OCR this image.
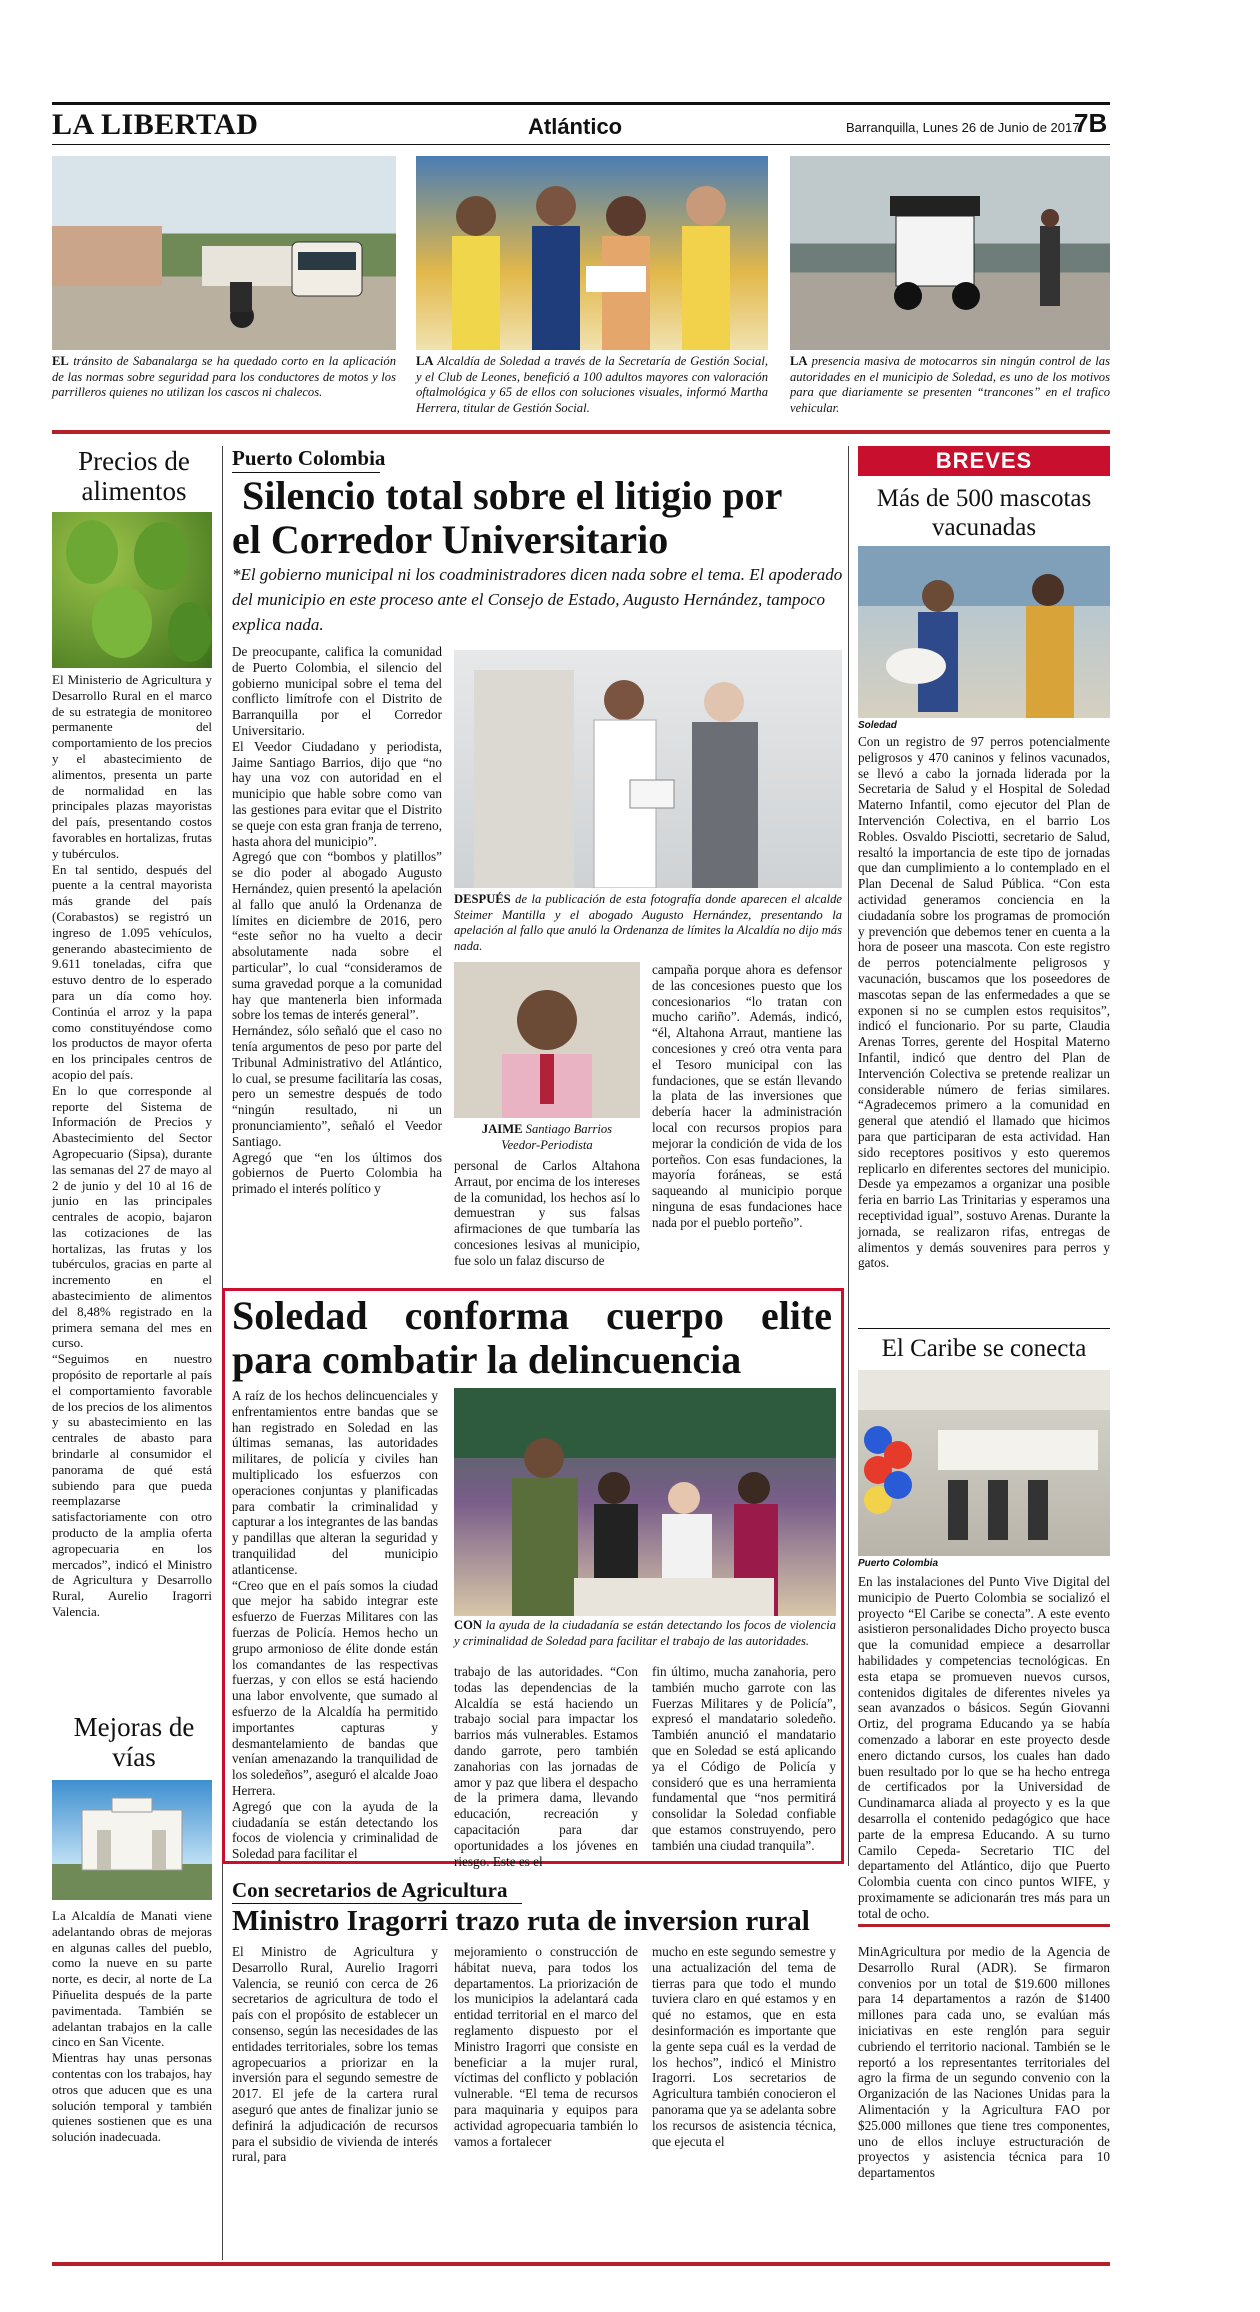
LA LIBERTAD	Atlántico	Barranquilla, Lunes 26 de Junio de 2017
7B
EL tránsito de Sabanalarga se ha quedado corto en la aplicación de las normas sobre seguridad para los conductores de motos y los parrilleros quienes no utilizan los cascos ni chalecos.
LA Alcaldía de Soledad a través de la Secretaría de Gestión Social, y el Club de Leones, benefició a 100 adultos mayores con valoración oftalmológica y 65 de ellos con soluciones visuales, informó Martha Herrera, titular de Gestión Social.
LA presencia masiva de motocarros sin ningún control de las autoridades en el municipio de Soledad, es uno de los motivos para que diariamente se presenten “trancones” en el trafico vehicular.
Precios de alimentos

El Ministerio de Agricultura y Desarrollo Rural en el marco de su estrategia de monitoreo permanente del comportamiento de los precios y el abastecimiento de alimentos, presenta un parte de normalidad en las principales plazas mayoristas del país, presentando costos favorables en hortalizas, frutas y tubérculos.

En tal sentido, después del puente a la central mayorista más grande del país (Corabastos) se registró un ingreso de 1.095 vehículos, generando abastecimiento de 9.611 toneladas, cifra que estuvo dentro de lo esperado para un día como hoy. Continúa el arroz y la papa como constituyéndose como los productos de mayor oferta en los principales centros de acopio del país.

En lo que corresponde al reporte del Sistema de Información de Precios y Abastecimiento del Sector Agropecuario (Sipsa), durante las semanas del 27 de mayo al 2 de junio y del 10 al 16 de junio en las principales centrales de acopio, bajaron las cotizaciones de las hortalizas, las frutas y los tubérculos, gracias en parte al incremento en el abastecimiento de alimentos del 8,48% registrado en la primera semana del mes en curso.

“Seguimos en nuestro propósito de reportarle al país el comportamiento favorable de los precios de los alimentos y su abastecimiento en las centrales de abasto para brindarle al consumidor el panorama de qué está subiendo para que pueda reemplazarse satisfactoriamente con otro producto de la amplia oferta agropecuaria en los mercados”, indicó el Ministro de Agricultura y Desarrollo Rural, Aurelio Iragorri Valencia.

Mejoras de vías

La Alcaldía de Manati viene adelantando obras de mejoras en algunas calles del pueblo, como la nueve en su parte norte, es decir, al norte de La Piñuelita después de la parte pavimentada. También se adelantan trabajos en la calle cinco en San Vicente.

Mientras hay unas personas contentas con los trabajos, hay otros que aducen que es una solución temporal y también quienes sostienen que es una solución inadecuada.

Puerto Colombia
Silencio total sobre el litigio por
el Corredor Universitario
*El gobierno municipal ni los coadministradores dicen nada sobre el tema. El apoderado del municipio en este proceso ante el Consejo de Estado, Augusto Hernández, tampoco explica nada.

De preocupante, califica la comunidad de Puerto Colombia, el silencio del gobierno municipal sobre el tema del conflicto limítrofe con el Distrito de Barranquilla por el Corredor Universitario.

El Veedor Ciudadano y periodista, Jaime Santiago Barrios, dijo que “no hay una voz con autoridad en el municipio que hable sobre como van las gestiones para evitar que el Distrito se queje con esta gran franja de terreno, hasta ahora del municipio”.

Agregó que con “bombos y platillos” se dio poder al abogado Augusto Hernández, quien presentó la apelación al fallo que anuló la Ordenanza de límites en diciembre de 2016, pero “este señor no ha vuelto a decir absolutamente nada sobre el particular”, lo cual “consideramos de suma gravedad porque a la comunidad hay que mantenerla bien informada sobre los temas de interés general”.

Hernández, sólo señaló que el caso no tenía argumentos de peso por parte del Tribunal Administrativo del Atlántico, lo cual, se presume facilitaría las cosas, pero un semestre después de todo “ningún resultado, ni un pronunciamiento”, señaló el Veedor Santiago.

Agregó que “en los últimos dos gobiernos de Puerto Colombia ha primado el interés político y

DESPUÉS de la publicación de esta fotografía donde aparecen el alcalde Steimer Mantilla y el abogado Augusto Hernández, presentando la apelación al fallo que anuló la Ordenanza de límites la Alcaldía no dijo más nada.
JAIME Santiago Barrios
Veedor-Periodista
personal de Carlos Altahona Arraut, por encima de los intereses de la comunidad, los hechos así lo demuestran y sus falsas afirmaciones de que tumbaría las concesiones lesivas al municipio, fue solo un falaz discurso de
campaña porque ahora es defensor de las concesiones puesto que los concesionarios “lo tratan con mucho cariño”. Además, indicó, “él, Altahona Arraut, mantiene las concesiones y creó otra venta para el Tesoro municipal con las fundaciones, que se están llevando la plata de las inversiones que debería hacer la administración local con recursos propios para mejorar la condición de vida de los porteños. Con esas fundaciones, la mayoría foráneas, se está saqueando al municipio porque ninguna de esas fundaciones hace nada por el pueblo porteño”.
Soledad conforma cuerpo elite
para combatir la delincuencia

A raíz de los hechos delincuenciales y enfrentamientos entre bandas que se han registrado en Soledad en las últimas semanas, las autoridades militares, de policía y civiles han multiplicado los esfuerzos con operaciones conjuntas y planificadas para combatir la criminalidad y capturar a los integrantes de las bandas y pandillas que alteran la seguridad y tranquilidad del municipio atlanticense.

“Creo que en el país somos la ciudad que mejor ha sabido integrar este esfuerzo de Fuerzas Militares con las fuerzas de Policía. Hemos hecho un grupo armonioso de élite donde están los comandantes de las respectivas fuerzas, y con ellos se está haciendo una labor envolvente, que sumado al esfuerzo de la Alcaldía ha permitido importantes capturas y desmantelamiento de bandas que venían amenazando la tranquilidad de los soledeños”, aseguró el alcalde Joao Herrera.

Agregó que con la ayuda de la ciudadanía se están detectando los focos de violencia y criminalidad de Soledad para facilitar el

CON la ayuda de la ciudadanía se están detectando los focos de violencia y criminalidad de Soledad para facilitar el trabajo de las autoridades.
trabajo de las autoridades. “Con todas las dependencias de la Alcaldía se está haciendo un trabajo social para impactar los barrios más vulnerables. Estamos dando garrote, pero también zanahorias con las jornadas de amor y paz que libera el despacho de la primera dama, llevando educación, recreación y capacitación para dar oportunidades a los jóvenes en riesgo. Este es el
fin último, mucha zanahoria, pero también mucho garrote con las Fuerzas Militares y de Policía”, expresó el mandatario soledeño. También anunció el mandatario que en Soledad se está aplicando ya el Código de Policía y consideró que es una herramienta fundamental que “nos permitirá consolidar la Soledad confiable que estamos construyendo, pero también una ciudad tranquila”.
Con secretarios de Agricultura
Ministro Iragorri trazo ruta de inversion rural
El Ministro de Agricultura y Desarrollo Rural, Aurelio Iragorri Valencia, se reunió con cerca de 26 secretarios de agricultura de todo el país con el propósito de establecer un consenso, según las necesidades de las entidades territoriales, sobre los temas agropecuarios a priorizar en la inversión para el segundo semestre de 2017. El jefe de la cartera rural aseguró que antes de finalizar junio se definirá la adjudicación de recursos para el subsidio de vivienda de interés rural, para
mejoramiento o construcción de hábitat nueva, para todos los departamentos. La priorización de los municipios la adelantará cada entidad territorial en el marco del reglamento dispuesto por el Ministro Iragorri que consiste en beneficiar a la mujer rural, víctimas del conflicto y población vulnerable. “El tema de recursos para maquinaria y equipos para actividad agropecuaria también lo vamos a fortalecer
mucho en este segundo semestre y una actualización del tema de tierras para que todo el mundo tuviera claro en qué estamos y en qué no estamos, que en esta desinformación es importante que la gente sepa cuál es la verdad de los hechos”, indicó el Ministro Iragorri. Los secretarios de Agricultura también conocieron el panorama que ya se adelanta sobre los recursos de asistencia técnica, que ejecuta el
MinAgricultura por medio de la Agencia de Desarrollo Rural (ADR). Se firmaron convenios por un total de $19.600 millones para 14 departamentos a razón de $1400 millones para cada uno, se evalúan más iniciativas en este renglón para seguir cubriendo el territorio nacional. También se le reportó a los representantes territoriales del agro la firma de un segundo convenio con la Organización de las Naciones Unidas para la Alimentación y la Agricultura FAO por $25.000 millones que tiene tres componentes, uno de ellos incluye estructuración de proyectos y asistencia técnica para 10 departamentos
BREVES
Más de 500 mascotas vacunadas
Soledad
Con un registro de 97 perros potencialmente peligrosos y 470 caninos y felinos vacunados, se llevó a cabo la jornada liderada por la Secretaria de Salud y el Hospital de Soledad Materno Infantil, como ejecutor del Plan de Intervención Colectiva, en el barrio Los Robles. Osvaldo Pisciotti, secretario de Salud, resaltó la importancia de este tipo de jornadas que dan cumplimiento a lo contemplado en el Plan Decenal de Salud Pública. “Con esta actividad generamos conciencia en la ciudadanía sobre los programas de promoción y prevención que debemos tener en cuenta a la hora de poseer una mascota. Con este registro de perros potencialmente peligrosos y vacunación, buscamos que los poseedores de mascotas sepan de las enfermedades a que se exponen si no se cumplen estos requisitos”, indicó el funcionario. Por su parte, Claudia Arenas Torres, gerente del Hospital Materno Infantil, indicó que dentro del Plan de Intervención Colectiva se pretende realizar un considerable número de ferias similares. “Agradecemos primero a la comunidad en general que atendió el llamado que hicimos para que participaran de esta actividad. Han sido receptores positivos y esto queremos replicarlo en diferentes sectores del municipio. Desde ya empezamos a organizar una posible feria en barrio Las Trinitarias y esperamos una receptividad igual”, sostuvo Arenas. Durante la jornada, se realizaron rifas, entregas de alimentos y demás souvenires para perros y gatos.
El Caribe se conecta
Puerto Colombia
En las instalaciones del Punto Vive Digital del municipio de Puerto Colombia se socializó el proyecto “El Caribe se conecta”. A este evento asistieron personalidades Dicho proyecto busca que la comunidad empiece a desarrollar habilidades y competencias tecnológicas. En esta etapa se promueven nuevos cursos, contenidos digitales de diferentes niveles ya sean avanzados o básicos. Según Giovanni Ortiz, del programa Educando ya se había comenzado a laborar en este proyecto desde enero dictando cursos, los cuales han dado buen resultado por lo que se ha hecho entrega de certificados por la Universidad de Cundinamarca aliada al proyecto y es la que desarrolla el contenido pedagógico que hace parte de la empresa Educando. A su turno Camilo Cepeda- Secretario TIC del departamento del Atlántico, dijo que Puerto Colombia cuenta con cinco puntos WIFE, y proximamente se adicionarán tres más para un total de ocho.
